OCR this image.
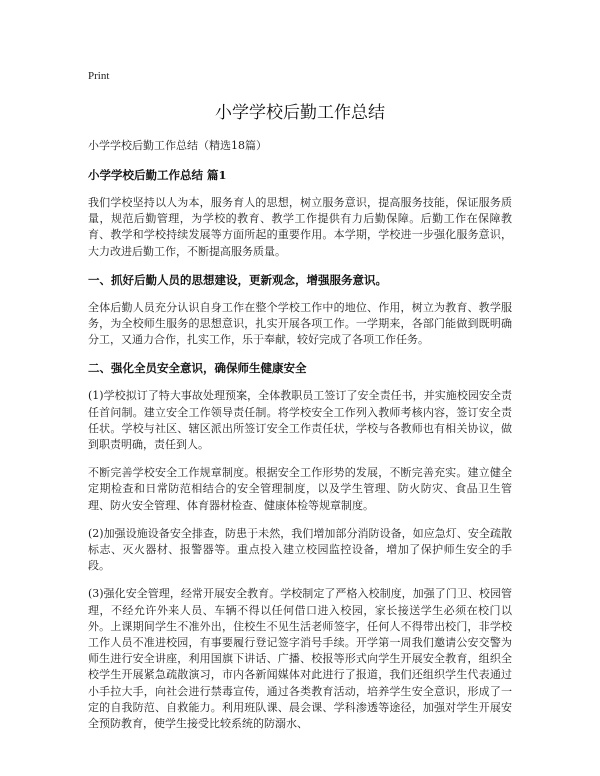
Print
小学学校后勤工作总结
小学学校后勤工作总结（精选18篇）
小学学校后勤工作总结 篇1

我们学校坚持以人为本，服务育人的思想，树立服务意识，提高服务技能，保证服务质量，规范后勤管理，为学校的教育、教学工作提供有力后勤保障。后勤工作在保障教育、教学和学校持续发展等方面所起的重要作用。本学期，学校进一步强化服务意识，大力改进后勤工作，不断提高服务质量。

一、抓好后勤人员的思想建设，更新观念，增强服务意识。

全体后勤人员充分认识自身工作在整个学校工作中的地位、作用，树立为教育、教学服务，为全校师生服务的思想意识，扎实开展各项工作。一学期来，各部门能做到既明确分工，又通力合作，扎实工作，乐于奉献，较好完成了各项工作任务。

二、强化全员安全意识，确保师生健康安全

(1)学校拟订了特大事故处理预案，全体教职员工签订了安全责任书，并实施校园安全责任首问制。建立安全工作领导责任制。将学校安全工作列入教师考核内容，签订安全责任状。学校与社区、辖区派出所签订安全工作责任状，学校与各教师也有相关协议，做到职责明确，责任到人。

不断完善学校安全工作规章制度。根据安全工作形势的发展，不断完善充实。建立健全定期检查和日常防范相结合的安全管理制度，以及学生管理、防火防灾、食品卫生管理、防火安全管理、体育器材检查、健康体检等规章制度。

(2)加强设施设备安全排查，防患于未然，我们增加部分消防设备，如应急灯、安全疏散标志、灭火器材、报警器等。重点投入建立校园监控设备，增加了保护师生安全的手段。

(3)强化安全管理，经常开展安全教育。学校制定了严格入校制度，加强了门卫、校园管理，不经允许外来人员、车辆不得以任何借口进入校园，家长接送学生必须在校门以外。上课期间学生不准外出，住校生不见生活老师签字，任何人不得带出校门，非学校工作人员不准进校园，有事要履行登记签字消号手续。开学第一周我们邀请公安交警为师生进行安全讲座，利用国旗下讲话、广播、校报等形式向学生开展安全教育，组织全校学生开展紧急疏散演习，市内各新闻媒体对此进行了报道，我们还组织学生代表通过小手拉大手，向社会进行禁毒宣传，通过各类教育活动，培养学生安全意识，形成了一定的自我防范、自救能力。利用班队课、晨会课、学科渗透等途径，加强对学生开展安全预防教育，使学生接受比较系统的防溺水、
